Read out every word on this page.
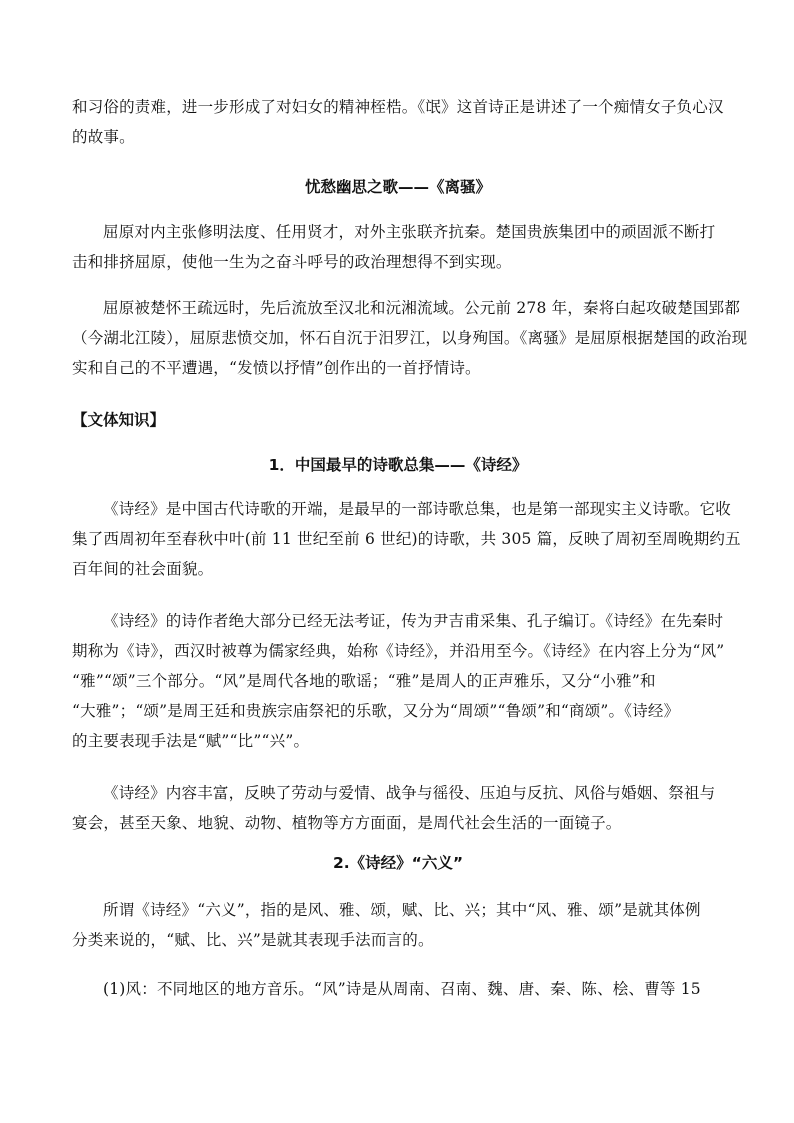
和习俗的责难，进一步形成了对妇女的精神桎梏。《氓》这首诗正是讲述了一个痴情女子负心汉
的故事。
忧愁幽思之歌——《离骚》
屈原对内主张修明法度、任用贤才，对外主张联齐抗秦。楚国贵族集团中的顽固派不断打
击和排挤屈原，使他一生为之奋斗呼号的政治理想得不到实现。
屈原被楚怀王疏远时，先后流放至汉北和沅湘流域。公元前 278 年，秦将白起攻破楚国郢都
（今湖北江陵），屈原悲愤交加，怀石自沉于汨罗江，以身殉国。《离骚》是屈原根据楚国的政治现
实和自己的不平遭遇，“发愤以抒情”创作出的一首抒情诗。
【文体知识】
1．中国最早的诗歌总集——《诗经》
《诗经》是中国古代诗歌的开端，是最早的一部诗歌总集，也是第一部现实主义诗歌。它收
集了西周初年至春秋中叶(前 11 世纪至前 6 世纪)的诗歌，共 305 篇，反映了周初至周晚期约五
百年间的社会面貌。
《诗经》的诗作者绝大部分已经无法考证，传为尹吉甫采集、孔子编订。《诗经》在先秦时
期称为《诗》，西汉时被尊为儒家经典，始称《诗经》，并沿用至今。《诗经》在内容上分为“风”
“雅”“颂”三个部分。“风”是周代各地的歌谣；“雅”是周人的正声雅乐，又分“小雅”和
“大雅”；“颂”是周王廷和贵族宗庙祭祀的乐歌，又分为“周颂”“鲁颂”和“商颂”。《诗经》
的主要表现手法是“赋”“比”“兴”。
《诗经》内容丰富，反映了劳动与爱情、战争与徭役、压迫与反抗、风俗与婚姻、祭祖与
宴会，甚至天象、地貌、动物、植物等方方面面，是周代社会生活的一面镜子。
2.《诗经》“六义”
所谓《诗经》“六义”，指的是风、雅、颂，赋、比、兴；其中“风、雅、颂”是就其体例
分类来说的，“赋、比、兴”是就其表现手法而言的。
(1)风：不同地区的地方音乐。“风”诗是从周南、召南、魏、唐、秦、陈、桧、曹等 15
